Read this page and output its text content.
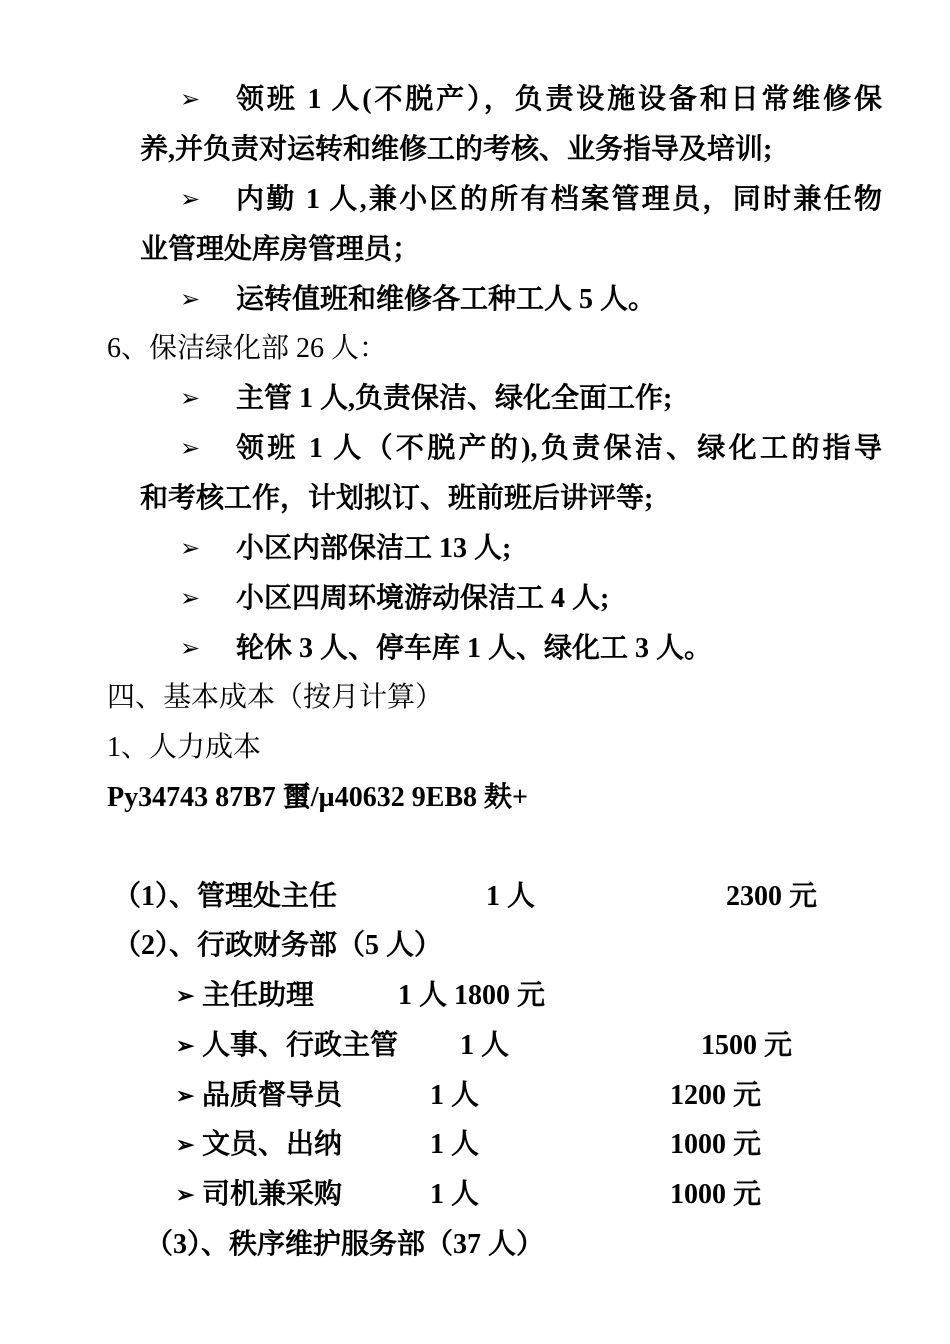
➢ 领班 1 人(不脱产），负责设施设备和日常维修保
养,并负责对运转和维修工的考核、业务指导及培训;
➢ 内勤 1 人,兼小区的所有档案管理员，同时兼任物
业管理处库房管理员；
➢ 运转值班和维修各工种工人 5 人。
6、保洁绿化部 26 人：
➢ 主管 1 人,负责保洁、绿化全面工作;
➢ 领班 1 人（不脱产的),负责保洁、绿化工的指导
和考核工作，计划拟订、班前班后讲评等;
➢ 小区内部保洁工 13 人;
➢ 小区四周环境游动保洁工 4 人;
➢ 轮休 3 人、停车库 1 人、绿化工 3 人。
四、基本成本（按月计算）
1、人力成本
Py34743 87B7 蠒/µ40632 9EB8 麸+
（1）、管理处主任	1 人	2300 元
（2）、行政财务部（5 人）
➢ 主任助理            1 人 1800 元
➢ 人事、行政主管 1 人	1500 元
➢ 品质督导员	1 人	1200 元
➢ 文员、出纳	1 人	1000 元
➢ 司机兼采购	1 人	1000 元
（3）、秩序维护服务部（37 人）
